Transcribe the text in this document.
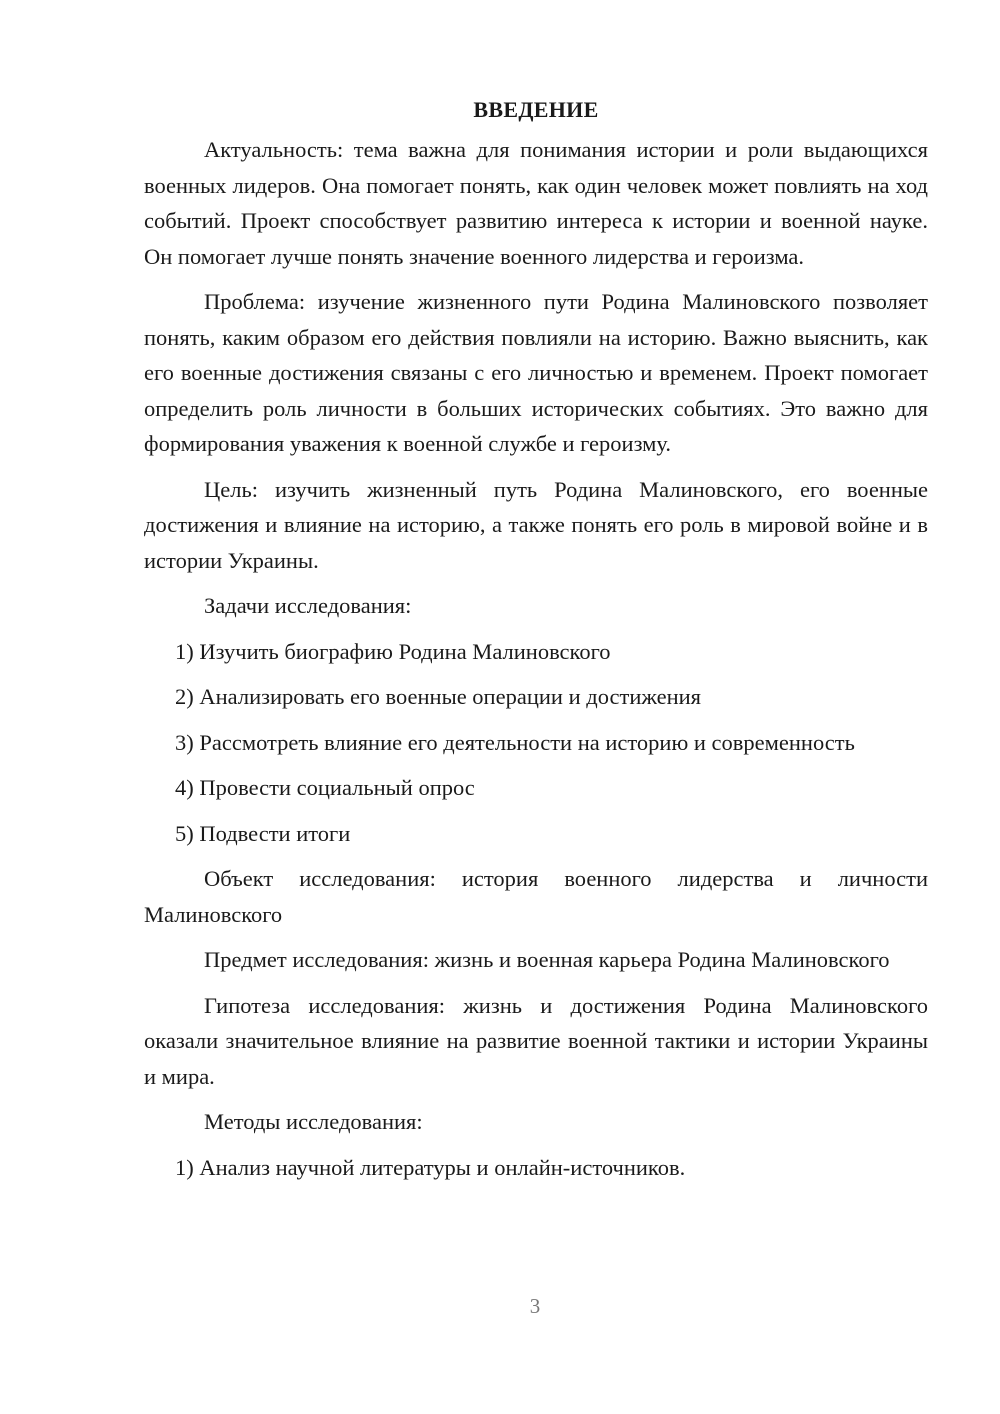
ВВЕДЕНИЕ

Актуальность: тема важна для понимания истории и роли выдающихся военных лидеров. Она помогает понять, как один человек может повлиять на ход событий. Проект способствует развитию интереса к истории и военной науке. Он помогает лучше понять значение военного лидерства и героизма.

Проблема: изучение жизненного пути Родина Малиновского позволяет понять, каким образом его действия повлияли на историю. Важно выяснить, как его военные достижения связаны с его личностью и временем. Проект помогает определить роль личности в больших исторических событиях. Это важно для формирования уважения к военной службе и героизму.

Цель: изучить жизненный путь Родина Малиновского, его военные достижения и влияние на историю, а также понять его роль в мировой войне и в истории Украины.

Задачи исследования:

1) Изучить биографию Родина Малиновского
2) Анализировать его военные операции и достижения
3) Рассмотреть влияние его деятельности на историю и современность
4) Провести социальный опрос
5) Подвести итоги

Объект исследования: история военного лидерства и личности Малиновского

Предмет исследования: жизнь и военная карьера Родина Малиновского

Гипотеза исследования: жизнь и достижения Родина Малиновского оказали значительное влияние на развитие военной тактики и истории Украины и мира.

Методы исследования:

1) Анализ научной литературы и онлайн-источников.
3
